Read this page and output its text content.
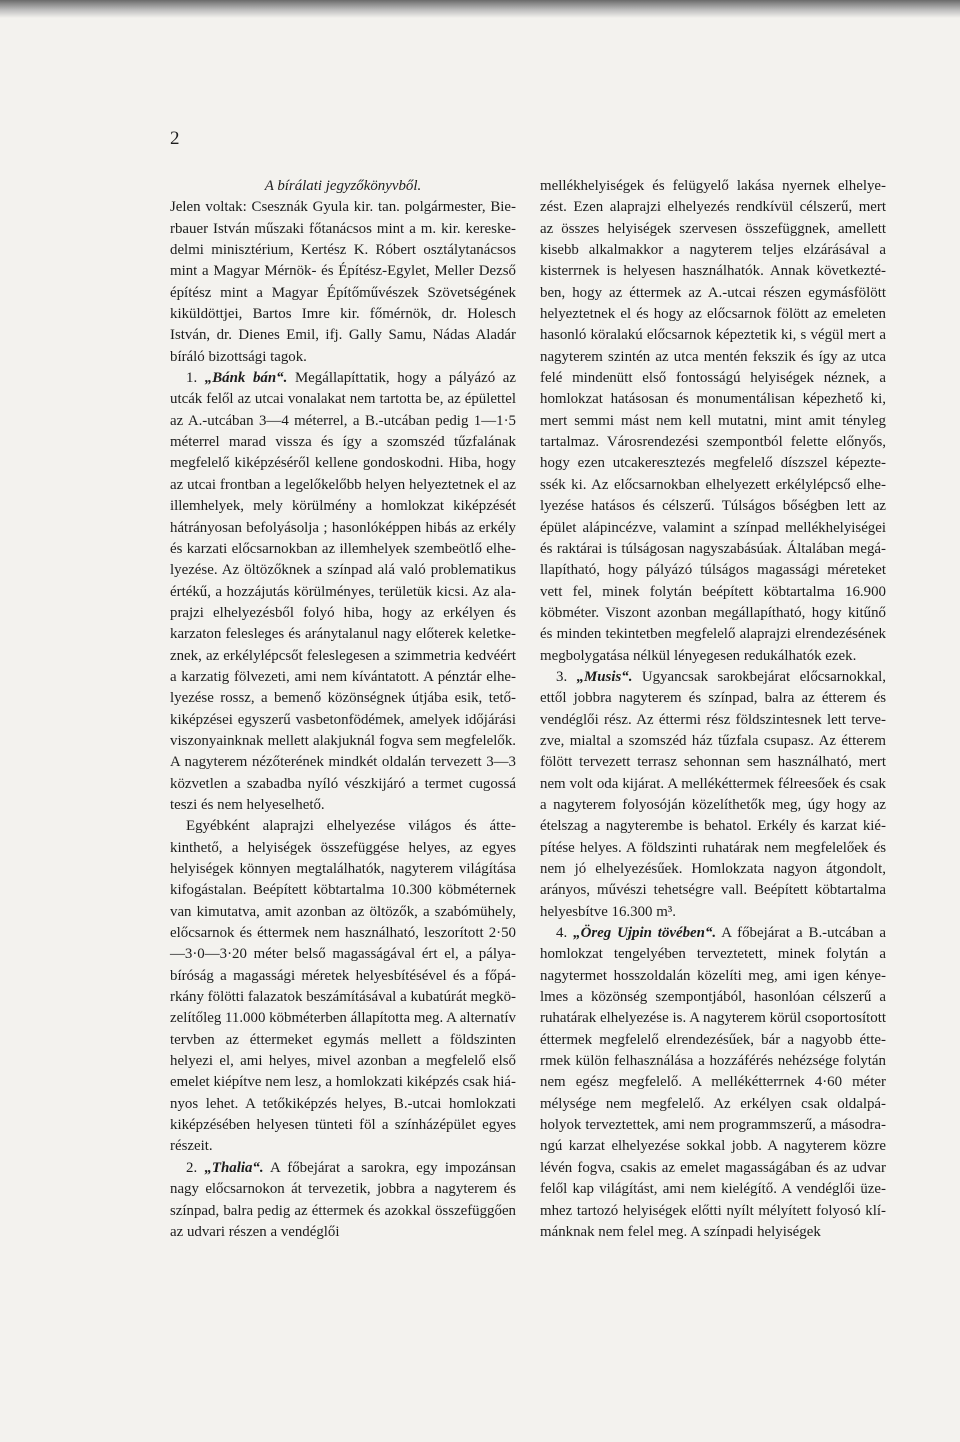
2

A bírálati jegyzőkönyvből.

Jelen voltak: Csesznák Gyula kir. tan. polgármester, Bierbauer István műszaki főtanácsos mint a m. kir. kereskedelmi minisztérium, Kertész K. Róbert osztálytanácsos mint a Magyar Mérnök- és Építész-Egylet, Meller Dezső építész mint a Magyar Építőművészek Szövetségének kiküldöttjei, Bartos Imre kir. főmérnök, dr. Holesch István, dr. Dienes Emil, ifj. Gally Samu, Nádas Aladár bíráló bizottsági tagok.

1. „Bánk bán“. Megállapíttatik, hogy a pályázó az utcák felől az utcai vonalakat nem tartotta be, az épülettel az A.-utcában 3—4 méterrel, a B.-utcában pedig 1—1·5 méterrel marad vissza és így a szomszéd tűzfalának megfelelő kiképzéséről kellene gondoskodni. Hiba, hogy az utcai frontban a legelőkelőbb helyen helyeztetnek el az illemhelyek, mely körülmény a homlokzat kiképzését hátrányosan befolyásolja ; hasonlóképpen hibás az erkély és karzati előcsarnokban az illemhelyek szembeötlő elhelyezése. Az öltözőknek a színpad alá való problematikus értékű, a hozzájutás körülményes, területük kicsi. Az alaprajzi elhelyezésből folyó hiba, hogy az erkélyen és karzaton felesleges és aránytalanul nagy előterek keletkeznek, az erkélylépcsőt feleslegesen a szimmetria kedvéért a karzatig fölvezeti, ami nem kívántatott. A pénztár elhelyezése rossz, a bemenő közönségnek útjába esik, tetőkiképzései egyszerű vasbetonfödémek, amelyek időjárási viszonyainknak mellett alakjuknál fogva sem megfelelők. A nagyterem nézőterének mindkét oldalán tervezett 3—3 közvetlen a szabadba nyíló vészkijáró a termet cugossá teszi és nem helyeselhető.

Egyébként alaprajzi elhelyezése világos és áttekinthető, a helyiségek összefüggése helyes, az egyes helyiségek könnyen megtalálhatók, nagyterem világítása kifogástalan. Beépített köbtartalma 10.300 köbméternek van kimutatva, amit azonban az öltözők, a szabómühely, előcsarnok és éttermek nem használható, leszorított 2·50—3·0—3·20 méter belső magasságával ért el, a pályabíróság a magassági méretek helyesbítésével és a főpárkány fölötti falazatok beszámításával a kubatúrát megközelítőleg 11.000 köbméterben állapította meg. A alternatív tervben az éttermeket egymás mellett a földszinten helyezi el, ami helyes, mivel azonban a megfelelő első emelet kiépítve nem lesz, a homlokzati kiképzés csak hiányos lehet. A tetőkiképzés helyes, B.-utcai homlokzati kiképzésében helyesen tünteti föl a színházépület egyes részeit.

2. „Thalia“. A főbejárat a sarokra, egy impozánsan nagy előcsarnokon át tervezetik, jobbra a nagyterem és színpad, balra pedig az éttermek és azokkal összefüggően az udvari részen a vendéglői

mellékhelyiségek és felügyelő lakása nyernek elhelyezést. Ezen alaprajzi elhelyezés rendkívül célszerű, mert az összes helyiségek szervesen összefüggnek, amellett kisebb alkalmakkor a nagyterem teljes elzárásával a kisterrnek is helyesen használhatók. Annak következtében, hogy az éttermek az A.-utcai részen egymásfölött helyeztetnek el és hogy az előcsarnok fölött az emeleten hasonló köralakú előcsarnok képeztetik ki, s végül mert a nagyterem szintén az utca mentén fekszik és így az utca felé mindenütt első fontosságú helyiségek néznek, a homlokzat hatásosan és monumentálisan képezhető ki, mert semmi mást nem kell mutatni, mint amit tényleg tartalmaz. Városrendezési szempontból felette előnyős, hogy ezen utcakeresztezés megfelelő díszszel képeztessék ki. Az előcsarnokban elhelyezett erkélylépcső elhelyezése hatásos és célszerű. Túlságos bőségben lett az épület alápincézve, valamint a színpad mellékhelyiségei és raktárai is túlságosan nagyszabásúak. Általában megállapítható, hogy pályázó túlságos magassági méreteket vett fel, minek folytán beépített köbtartalma 16.900 köbméter. Viszont azonban megállapítható, hogy kitűnő és minden tekintetben megfelelő alaprajzi elrendezésének megbolygatása nélkül lényegesen redukálhatók ezek.

3. „Musis“. Ugyancsak sarokbejárat előcsarnokkal, ettől jobbra nagyterem és színpad, balra az étterem és vendéglői rész. Az éttermi rész földszintesnek lett tervezve, mialtal a szomszéd ház tűzfala csupasz. Az étterem fölött tervezett terrasz sehonnan sem használható, mert nem volt oda kijárat. A mellékéttermek félreesőek és csak a nagyterem folyosóján közelíthetők meg, úgy hogy az ételszag a nagyterembe is behatol. Erkély és karzat kiépítése helyes. A földszinti ruhatárak nem megfelelőek és nem jó elhelyezésűek. Homlokzata nagyon átgondolt, arányos, művészi tehetségre vall. Beépített köbtartalma helyesbítve 16.300 m³.

4. „Öreg Ujpin tövében“. A főbejárat a B.-utcában a homlokzat tengelyében terveztetett, minek folytán a nagytermet hosszoldalán közelíti meg, ami igen kényelmes a közönség szempontjából, hasonlóan célszerű a ruhatárak elhelyezése is. A nagyterem körül csoportosított éttermek megfelelő elrendezésűek, bár a nagyobb éttermek külön felhasználása a hozzáférés nehézsége folytán nem egész megfelelő. A mellékétterrnek 4·60 méter mélysége nem megfelelő. Az erkélyen csak oldalpáholyok terveztettek, ami nem programmszerű, a másodrangú karzat elhelyezése sokkal jobb. A nagyterem közre lévén fogva, csakis az emelet magasságában és az udvar felől kap világítást, ami nem kielégítő. A vendéglői üzemhez tartozó helyiségek előtti nyílt mélyített folyosó klímánknak nem felel meg. A színpadi helyiségek
